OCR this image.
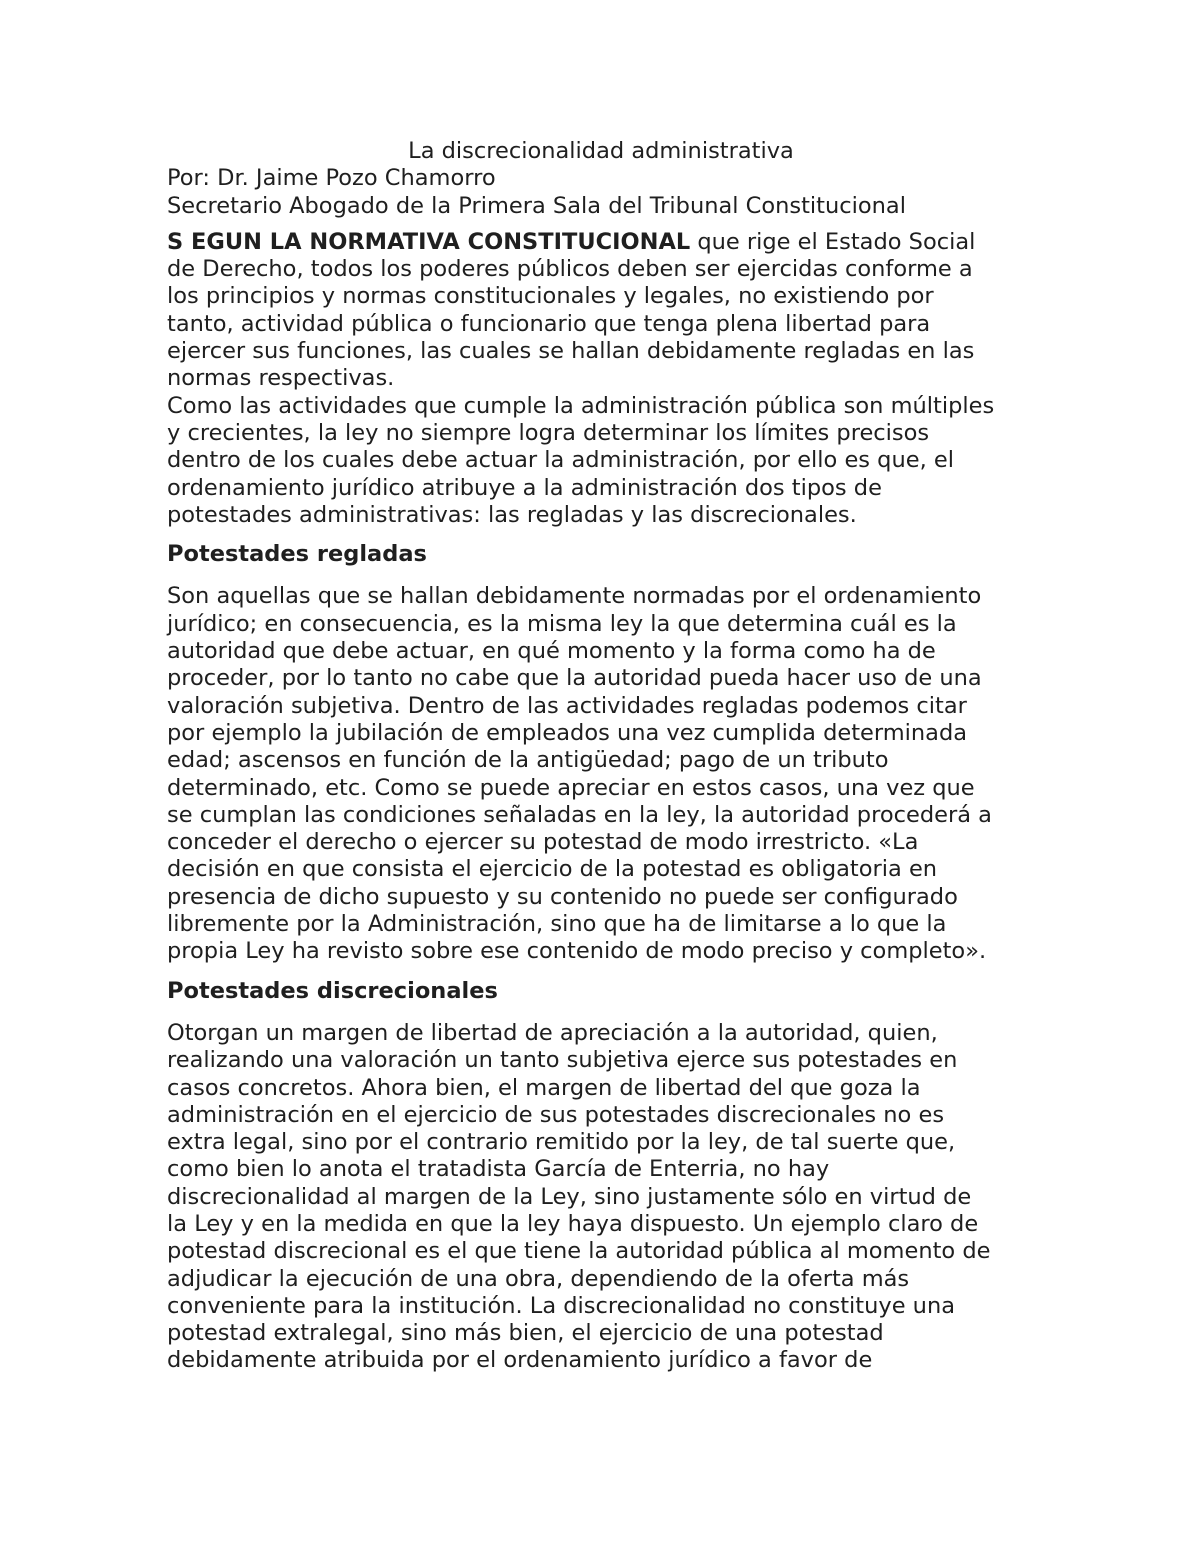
La discrecionalidad administrativa
Por: Dr. Jaime Pozo Chamorro
Secretario Abogado de la Primera Sala del Tribunal Constitucional

S EGUN LA NORMATIVA CONSTITUCIONAL que rige el Estado Social
de Derecho, todos los poderes públicos deben ser ejercidas conforme a
los principios y normas constitucionales y legales, no existiendo por
tanto, actividad pública o funcionario que tenga plena libertad para
ejercer sus funciones, las cuales se hallan debidamente regladas en las
normas respectivas.

Como las actividades que cumple la administración pública son múltiples
y crecientes, la ley no siempre logra determinar los límites precisos
dentro de los cuales debe actuar la administración, por ello es que, el
ordenamiento jurídico atribuye a la administración dos tipos de
potestades administrativas: las regladas y las discrecionales.

Potestades regladas

Son aquellas que se hallan debidamente normadas por el ordenamiento
jurídico; en consecuencia, es la misma ley la que determina cuál es la
autoridad que debe actuar, en qué momento y la forma como ha de
proceder, por lo tanto no cabe que la autoridad pueda hacer uso de una
valoración subjetiva. Dentro de las actividades regladas podemos citar
por ejemplo la jubilación de empleados una vez cumplida determinada
edad; ascensos en función de la antigüedad; pago de un tributo
determinado, etc. Como se puede apreciar en estos casos, una vez que
se cumplan las condiciones señaladas en la ley, la autoridad procederá a
conceder el derecho o ejercer su potestad de modo irrestricto. «La
decisión en que consista el ejercicio de la potestad es obligatoria en
presencia de dicho supuesto y su contenido no puede ser configurado
libremente por la Administración, sino que ha de limitarse a lo que la
propia Ley ha revisto sobre ese contenido de modo preciso y completo».

Potestades discrecionales

Otorgan un margen de libertad de apreciación a la autoridad, quien,
realizando una valoración un tanto subjetiva ejerce sus potestades en
casos concretos. Ahora bien, el margen de libertad del que goza la
administración en el ejercicio de sus potestades discrecionales no es
extra legal, sino por el contrario remitido por la ley, de tal suerte que,
como bien lo anota el tratadista García de Enterria, no hay
discrecionalidad al margen de la Ley, sino justamente sólo en virtud de
la Ley y en la medida en que la ley haya dispuesto. Un ejemplo claro de
potestad discrecional es el que tiene la autoridad pública al momento de
adjudicar la ejecución de una obra, dependiendo de la oferta más
conveniente para la institución. La discrecionalidad no constituye una
potestad extralegal, sino más bien, el ejercicio de una potestad
debidamente atribuida por el ordenamiento jurídico a favor de
